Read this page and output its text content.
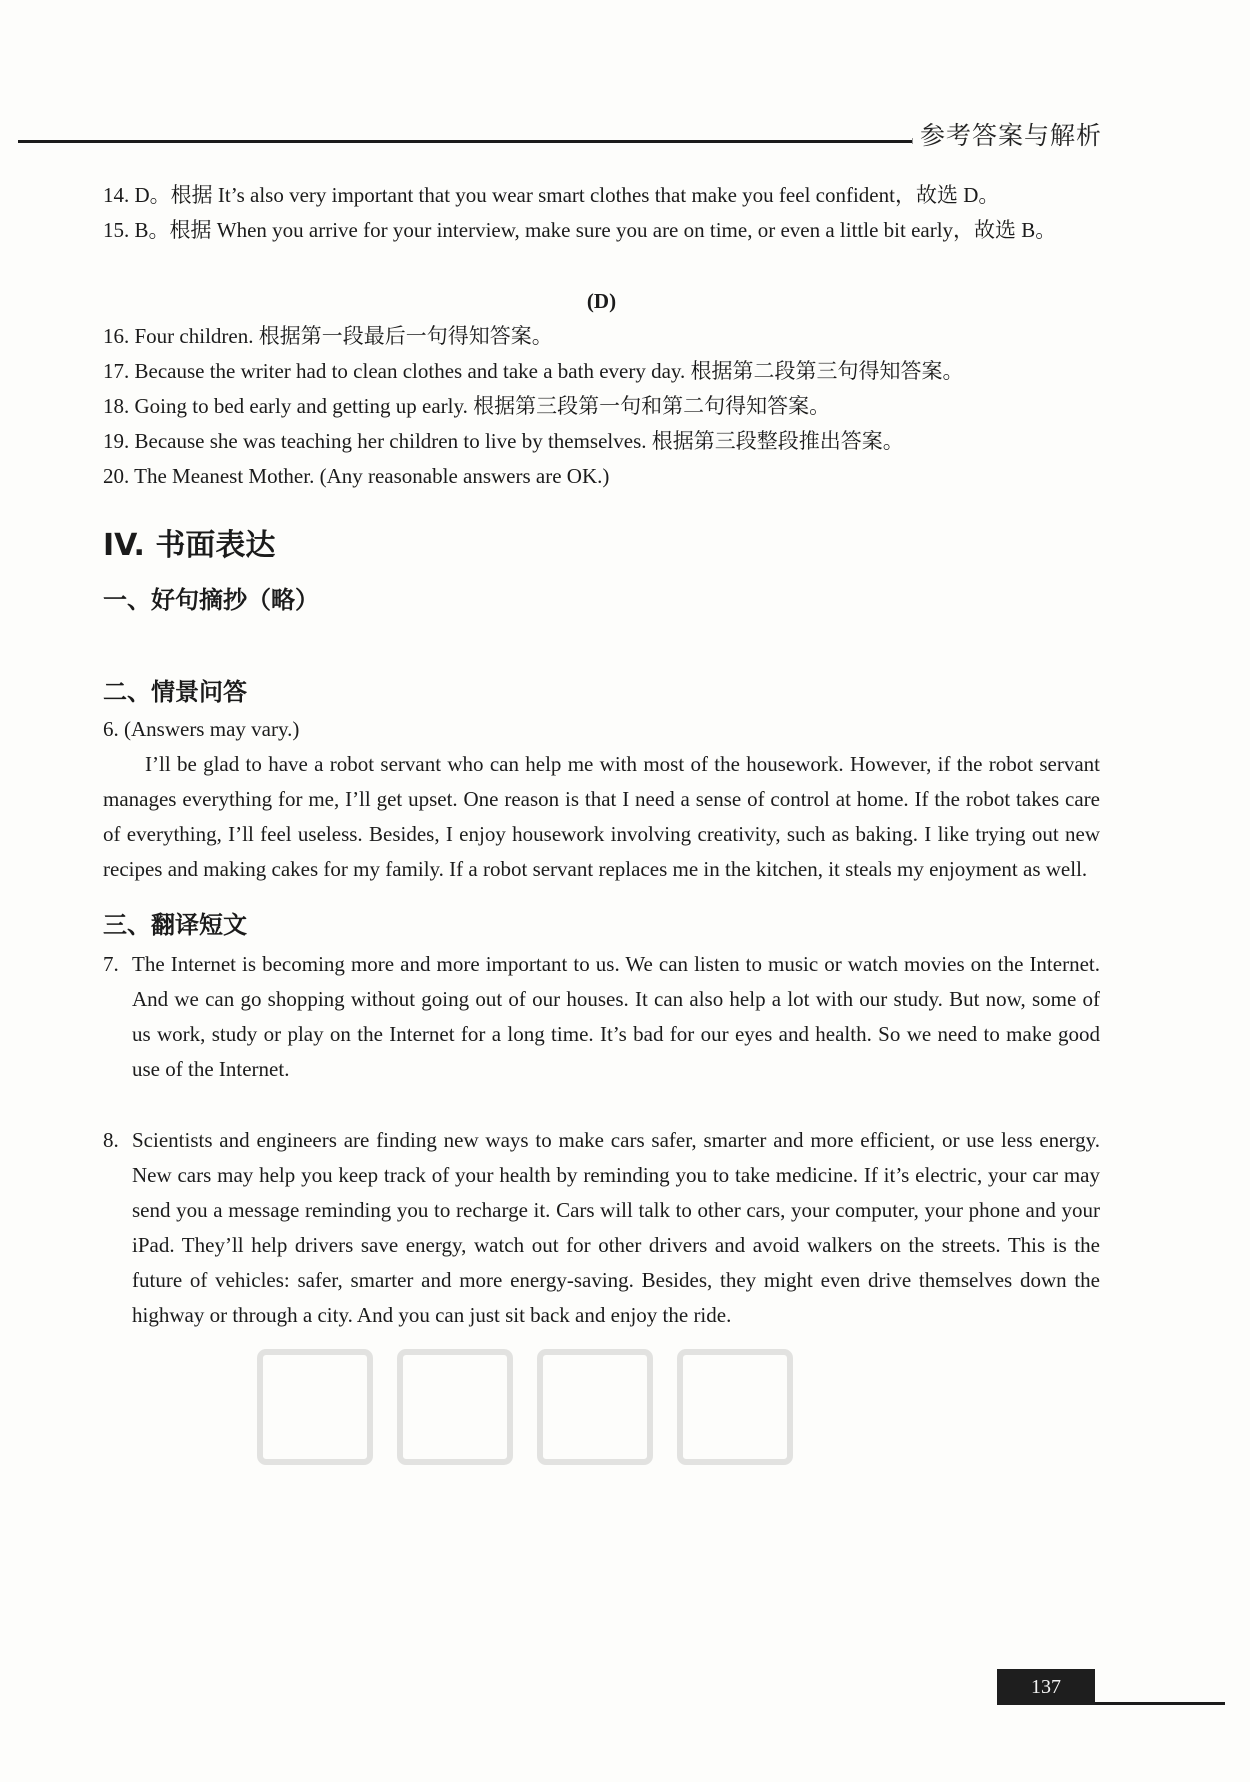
参考答案与解析
14. D。根据 It’s also very important that you wear smart clothes that make you feel confident，故选 D。
15. B。根据 When you arrive for your interview, make sure you are on time, or even a little bit early，故选 B。
(D)
16. Four children. 根据第一段最后一句得知答案。
17. Because the writer had to clean clothes and take a bath every day. 根据第二段第三句得知答案。
18. Going to bed early and getting up early. 根据第三段第一句和第二句得知答案。
19. Because she was teaching her children to live by themselves. 根据第三段整段推出答案。
20. The Meanest Mother. (Any reasonable answers are OK.)
IV. 书面表达
一、好句摘抄（略）
二、情景问答
6. (Answers may vary.)
I’ll be glad to have a robot servant who can help me with most of the housework. However, if the robot servant manages everything for me, I’ll get upset. One reason is that I need a sense of control at home. If the robot takes care of everything, I’ll feel useless. Besides, I enjoy housework involving creativity, such as baking. I like trying out new recipes and making cakes for my family. If a robot servant replaces me in the kitchen, it steals my enjoyment as well.
三、翻译短文
7. The Internet is becoming more and more important to us. We can listen to music or watch movies on the Internet. And we can go shopping without going out of our houses. It can also help a lot with our study. But now, some of us work, study or play on the Internet for a long time. It’s bad for our eyes and health. So we need to make good use of the Internet.
8. Scientists and engineers are finding new ways to make cars safer, smarter and more efficient, or use less energy. New cars may help you keep track of your health by reminding you to take medicine. If it’s electric, your car may send you a message reminding you to recharge it. Cars will talk to other cars, your computer, your phone and your iPad. They’ll help drivers save energy, watch out for other drivers and avoid walkers on the streets. This is the future of vehicles: safer, smarter and more energy-saving. Besides, they might even drive themselves down the highway or through a city. And you can just sit back and enjoy the ride.
137
